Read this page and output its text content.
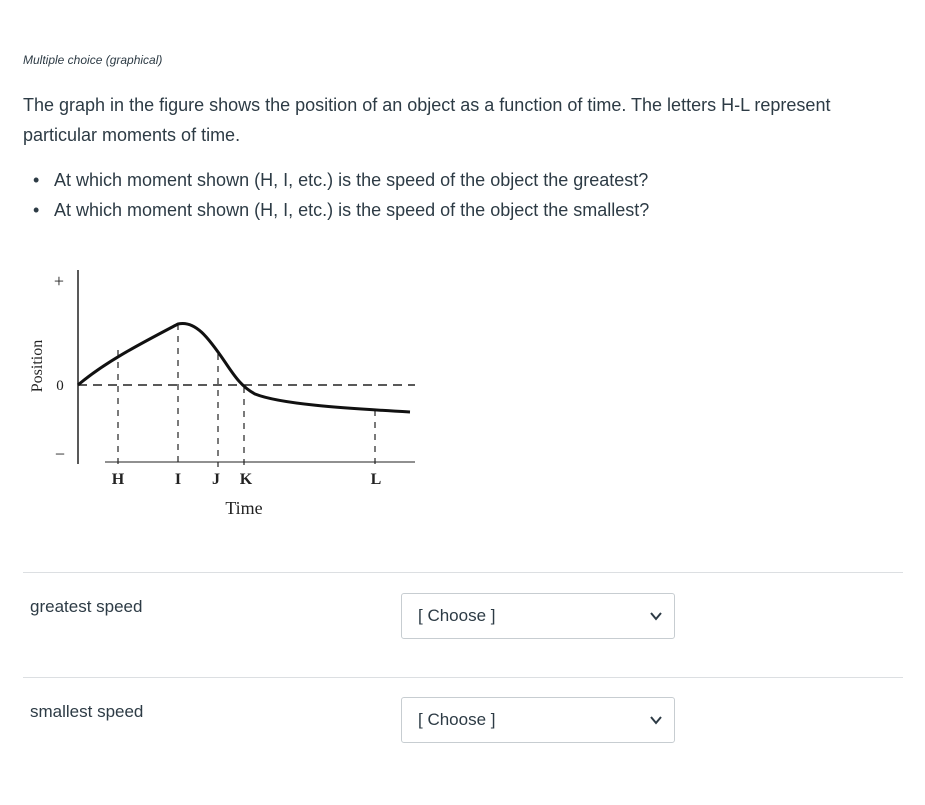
Multiple choice (graphical)
The graph in the figure shows the position of an object as a function of time. The letters H-L represent particular moments of time.
• At which moment shown (H, I, etc.) is the speed of the object the greatest?
• At which moment shown (H, I, etc.) is the speed of the object the smallest?
Position
+
0
−
H	I J K	L
Time
greatest speed	[ Choose ]
smallest speed	[ Choose ]
